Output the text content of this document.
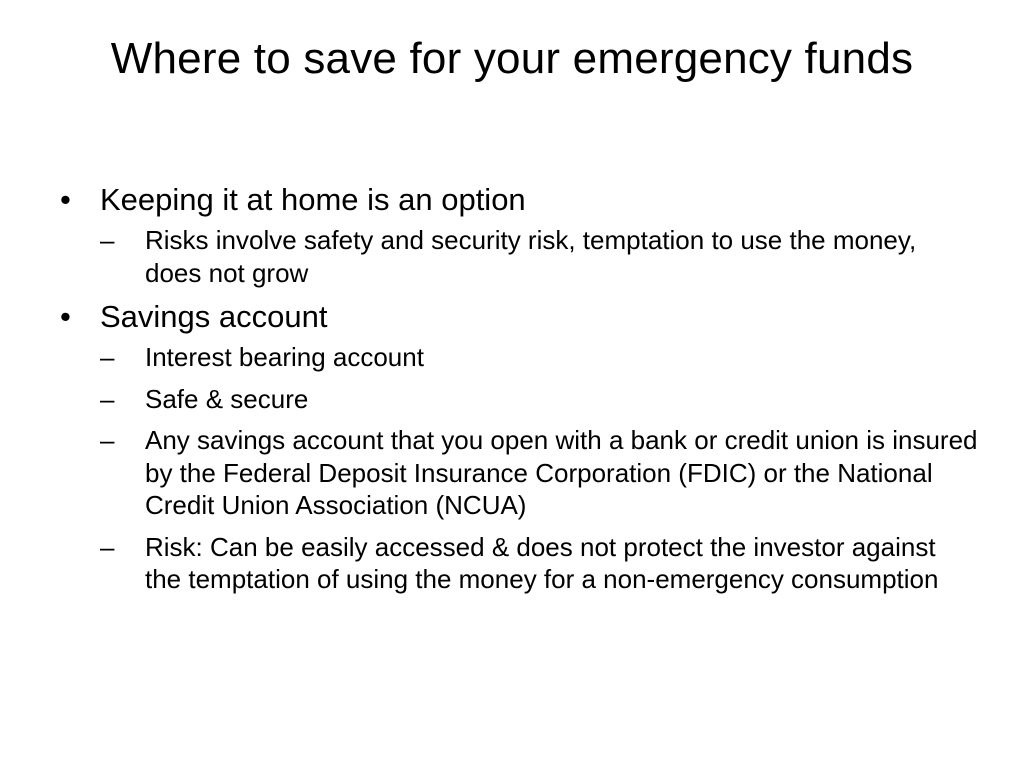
Where to save for your emergency funds
• Keeping it at home is an option
–	Risks involve safety and security risk, temptation to use the money, does not grow
• Savings account
–	Interest bearing account
–	Safe & secure
–	Any savings account that you open with a bank or credit union is insured by the Federal Deposit Insurance Corporation (FDIC) or the National Credit Union Association (NCUA)
–	Risk: Can be easily accessed & does not protect the investor against the temptation of using the money for a non-emergency consumption
